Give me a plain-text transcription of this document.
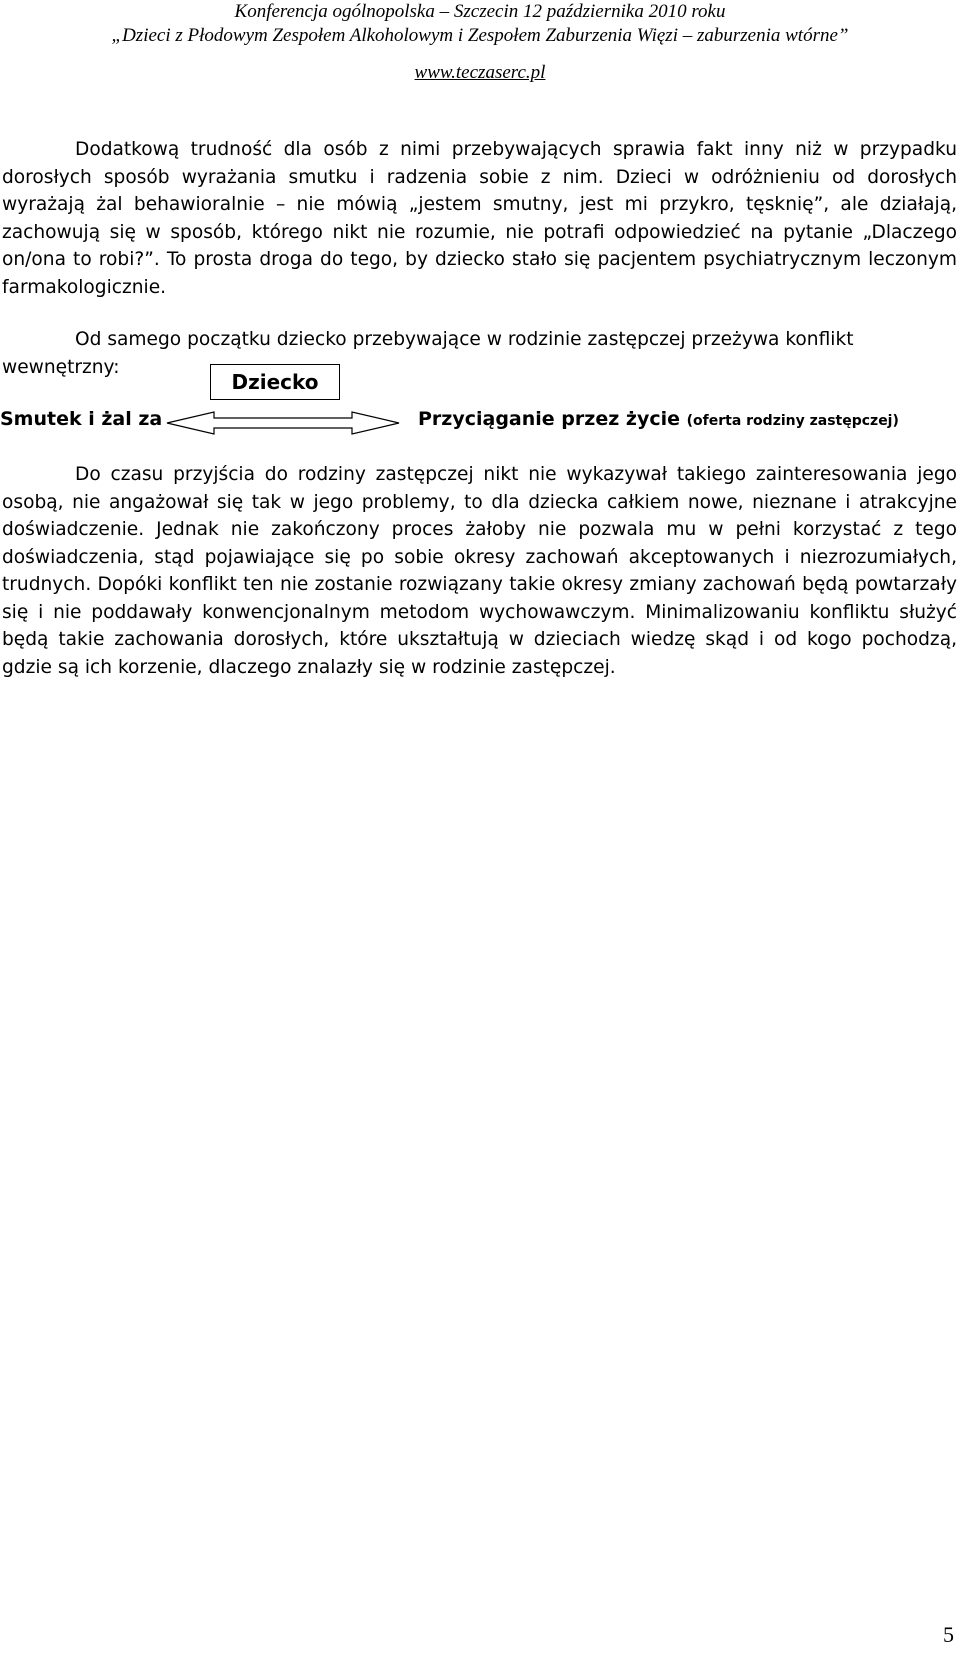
Konferencja ogólnopolska – Szczecin 12 października 2010 roku
„Dzieci z Płodowym Zespołem Alkoholowym i Zespołem Zaburzenia Więzi – zaburzenia wtórne”
www.teczaserc.pl

Dodatkową trudność dla osób z nimi przebywających sprawia fakt inny niż w przypadku dorosłych sposób wyrażania smutku i radzenia sobie z nim. Dzieci w odróżnieniu od dorosłych wyrażają żal behawioralnie – nie mówią „jestem smutny, jest mi przykro, tęsknię”, ale działają, zachowują się w sposób, którego nikt nie rozumie, nie potrafi odpowiedzieć na pytanie „Dlaczego on/ona to robi?”. To prosta droga do tego, by dziecko stało się pacjentem psychiatrycznym leczonym farmakologicznie.

Od samego początku dziecko przebywające w rodzinie zastępczej przeżywa konflikt wewnętrzny:

Dziecko
Smutek i żal za	Przyciąganie przez życie (oferta rodziny zastępczej)

Do czasu przyjścia do rodziny zastępczej nikt nie wykazywał takiego zainteresowania jego osobą, nie angażował się tak w jego problemy, to dla dziecka całkiem nowe, nieznane i atrakcyjne doświadczenie. Jednak nie zakończony proces żałoby nie pozwala mu w pełni korzystać z tego doświadczenia, stąd pojawiające się po sobie okresy zachowań akceptowanych i niezrozumiałych, trudnych. Dopóki konflikt ten nie zostanie rozwiązany takie okresy zmiany zachowań będą powtarzały się i nie poddawały konwencjonalnym metodom wychowawczym. Minimalizowaniu konfliktu służyć będą takie zachowania dorosłych, które ukształtują w dzieciach wiedzę skąd i od kogo pochodzą, gdzie są ich korzenie, dlaczego znalazły się w rodzinie zastępczej.

5
